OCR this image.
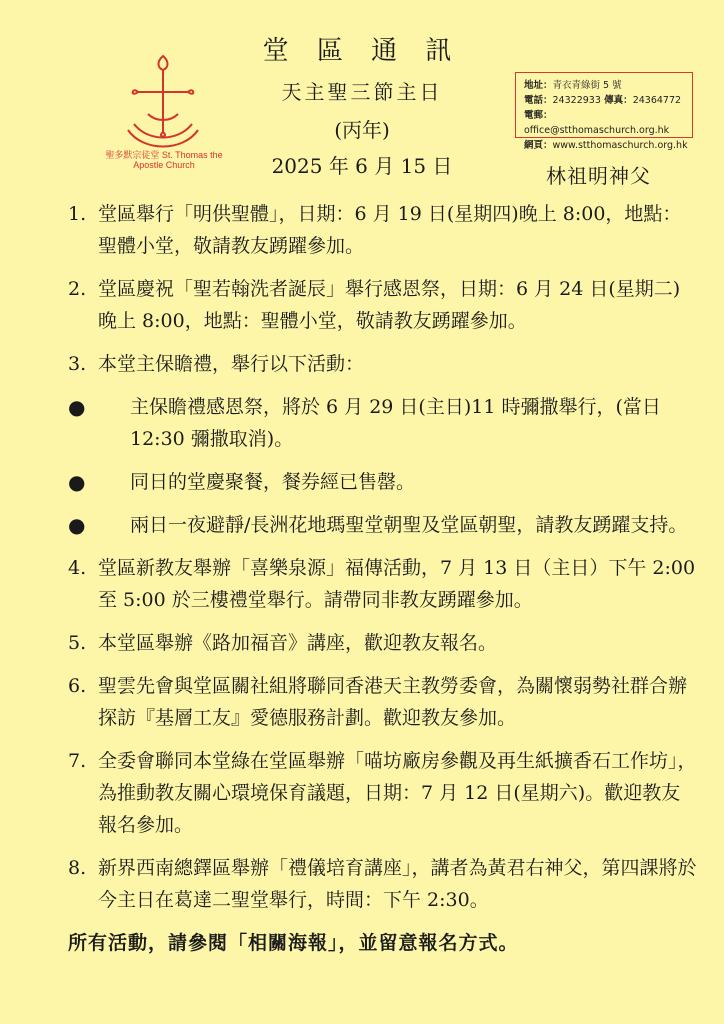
聖多默宗徒堂 St. Thomas the Apostle Church
堂 區 通 訊
天主聖三節主日
(丙年)
2025 年 6 月 15 日	林祖明神父
地址：青衣青綠街 5 號
電話：24322933 傳真：24364772
電郵：office@stthomaschurch.org.hk
網頁：www.stthomaschurch.org.hk
1. 堂區舉行「明供聖體」，日期：6 月 19 日(星期四)晚上 8:00，地點：聖體小堂，敬請教友踴躍參加。
2. 堂區慶祝「聖若翰洗者誕辰」舉行感恩祭，日期：6 月 24 日(星期二)晚上 8:00，地點：聖體小堂，敬請教友踴躍參加。
3. 本堂主保瞻禮，舉行以下活動：
●	主保瞻禮感恩祭，將於 6 月 29 日(主日)11 時彌撒舉行，(當日 12:30 彌撒取消)。
●	同日的堂慶聚餐，餐券經已售罄。
●	兩日一夜避靜/長洲花地瑪聖堂朝聖及堂區朝聖，請教友踴躍支持。
4. 堂區新教友舉辦「喜樂泉源」福傳活動，7 月 13 日（主日）下午 2:00 至 5:00 於三樓禮堂舉行。請帶同非教友踴躍參加。
5. 本堂區舉辦《路加福音》講座，歡迎教友報名。
6. 聖雲先會與堂區關社組將聯同香港天主教勞委會，為關懷弱勢社群合辦探訪『基層工友』愛德服務計劃。歡迎教友參加。
7. 全委會聯同本堂綠在堂區舉辦「喵坊廠房參觀及再生紙擴香石工作坊」，為推動教友關心環境保育議題，日期：7 月 12 日(星期六)。歡迎教友報名參加。
8. 新界西南總鐸區舉辦「禮儀培育講座」，講者為黃君右神父，第四課將於今主日在葛達二聖堂舉行，時間：下午 2:30。
所有活動，請參閱「相關海報」，並留意報名方式。
